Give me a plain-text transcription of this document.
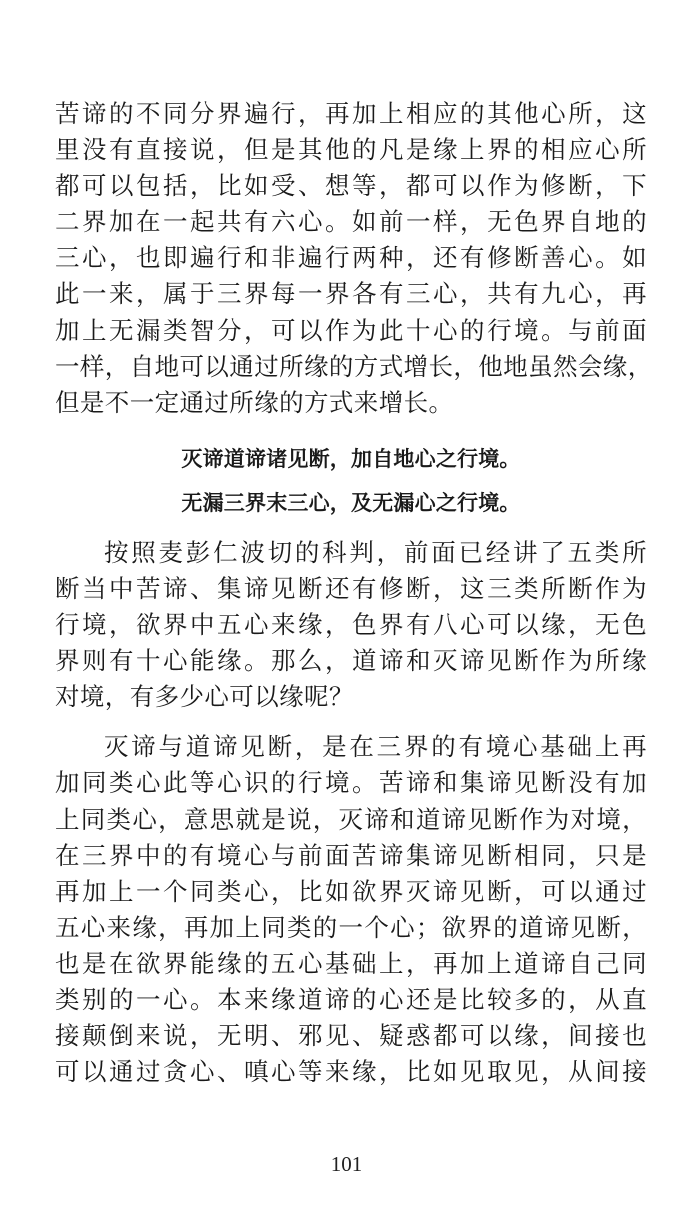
苦谛的不同分界遍行，再加上相应的其他心所，这
里没有直接说，但是其他的凡是缘上界的相应心所
都可以包括，比如受、想等，都可以作为修断，下
二界加在一起共有六心。如前一样，无色界自地的
三心，也即遍行和非遍行两种，还有修断善心。如
此一来，属于三界每一界各有三心，共有九心，再
加上无漏类智分，可以作为此十心的行境。与前面
一样，自地可以通过所缘的方式增长，他地虽然会缘，
但是不一定通过所缘的方式来增长。
灭谛道谛诸见断，加自地心之行境。
无漏三界末三心，及无漏心之行境。
按照麦彭仁波切的科判，前面已经讲了五类所
断当中苦谛、集谛见断还有修断，这三类所断作为
行境，欲界中五心来缘，色界有八心可以缘，无色
界则有十心能缘。那么，道谛和灭谛见断作为所缘
对境，有多少心可以缘呢？
灭谛与道谛见断，是在三界的有境心基础上再
加同类心此等心识的行境。苦谛和集谛见断没有加
上同类心，意思就是说，灭谛和道谛见断作为对境，
在三界中的有境心与前面苦谛集谛见断相同，只是
再加上一个同类心，比如欲界灭谛见断，可以通过
五心来缘，再加上同类的一个心；欲界的道谛见断，
也是在欲界能缘的五心基础上，再加上道谛自己同
类别的一心。本来缘道谛的心还是比较多的，从直
接颠倒来说，无明、邪见、疑惑都可以缘，间接也
可以通过贪心、嗔心等来缘，比如见取见，从间接
101
